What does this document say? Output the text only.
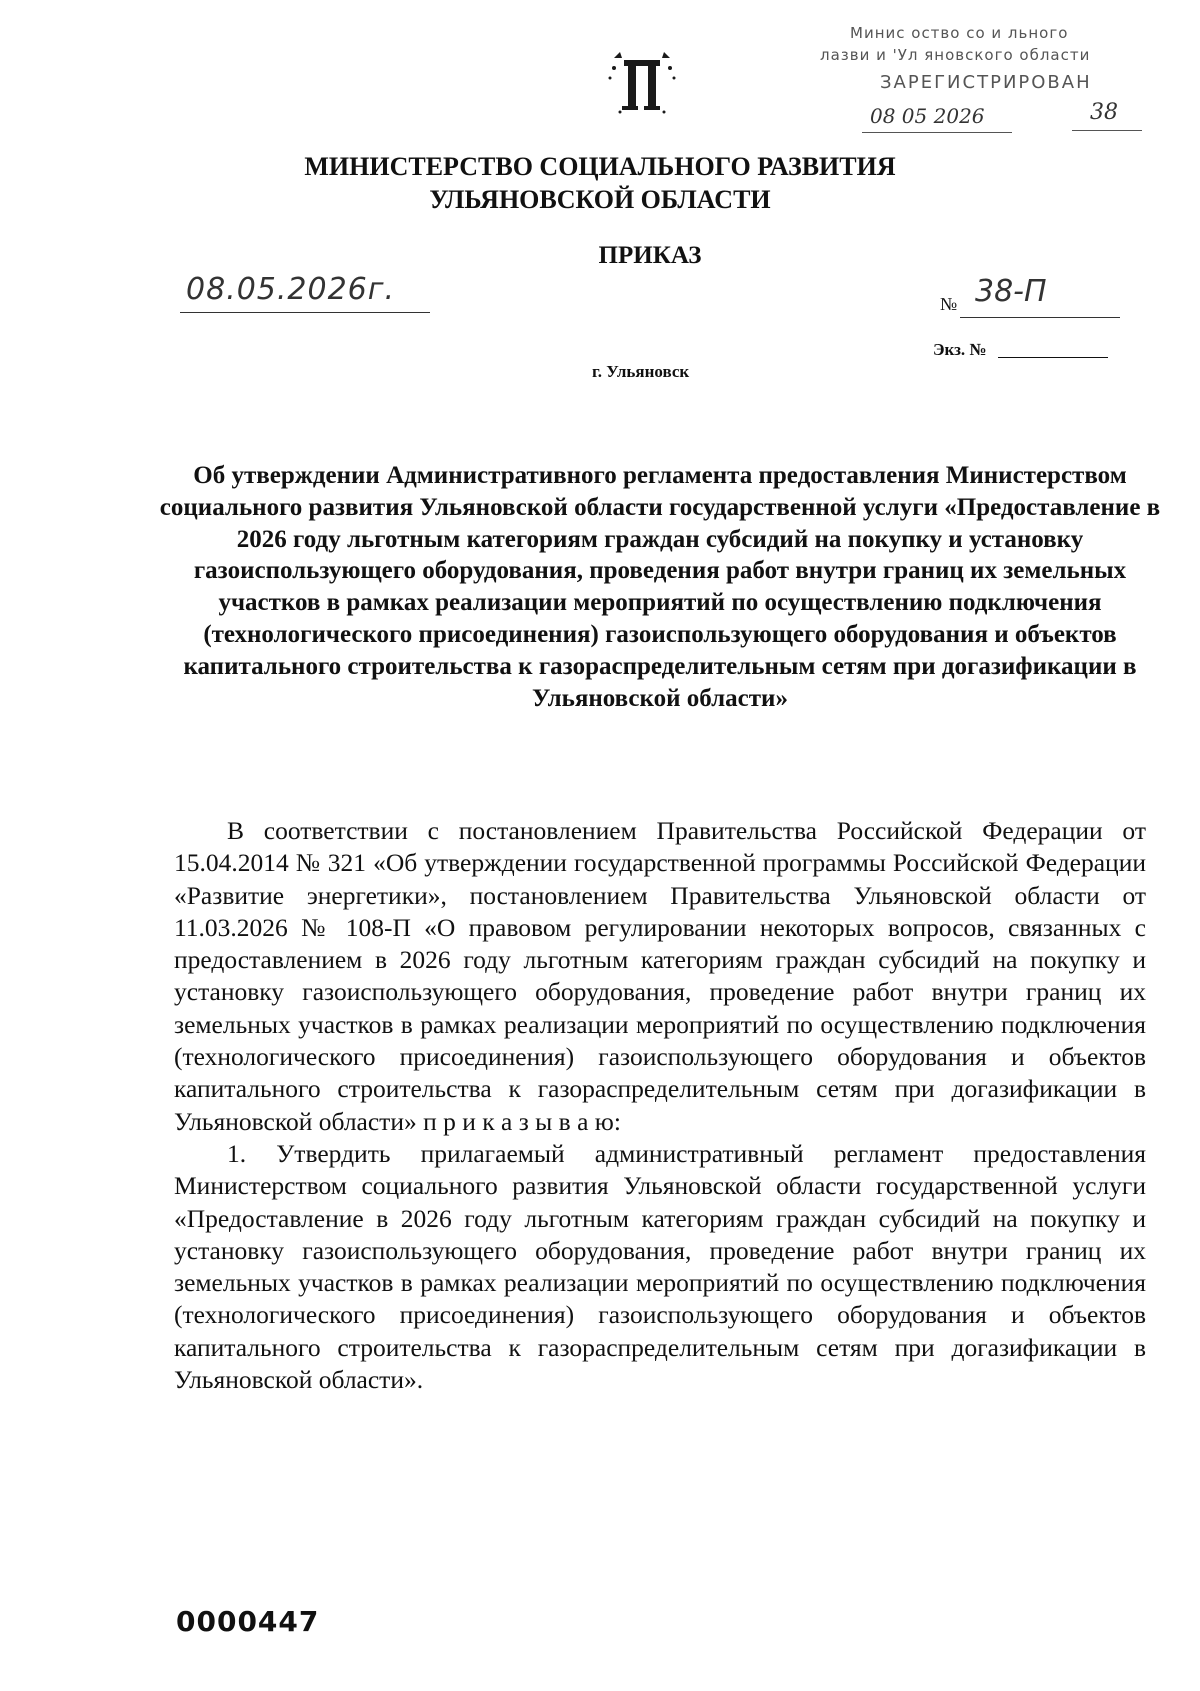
Минис оство со и льного
лазви и 'Ул яновского области
ЗАРЕГИСТРИРОВАН
08 05 2026	38
МИНИСТЕРСТВО СОЦИАЛЬНОГО РАЗВИТИЯ
УЛЬЯНОВСКОЙ ОБЛАСТИ
ПРИКАЗ
08.05.2026г.	№ 38-П
Экз. №
г. Ульяновск
Об утверждении Административного регламента предоставления Министерством социального развития Ульяновской области государственной услуги «Предоставление в 2026 году льготным категориям граждан субсидий на покупку и установку газоиспользующего оборудования, проведения работ внутри границ их земельных участков в рамках реализации мероприятий по осуществлению подключения (технологического присоединения) газоиспользующего оборудования и объектов капитального строительства к газораспределительным сетям при догазификации в Ульяновской области»

В соответствии с постановлением Правительства Российской Федерации от 15.04.2014 № 321 «Об утверждении государственной программы Российской Федерации «Развитие энергетики», постановлением Правительства Ульяновской области от 11.03.2026 № 108-П «О правовом регулировании некоторых вопросов, связанных с предоставлением в 2026 году льготным категориям граждан субсидий на покупку и установку газоиспользующего оборудования, проведение работ внутри границ их земельных участков в рамках реализации мероприятий по осуществлению подключения (технологического присоединения) газоиспользующего оборудования и объектов капитального строительства к газораспределительным сетям при догазификации в Ульяновской области» п р и к а з ы в а ю:

1. Утвердить прилагаемый административный регламент предоставления Министерством социального развития Ульяновской области государственной услуги «Предоставление в 2026 году льготным категориям граждан субсидий на покупку и установку газоиспользующего оборудования, проведение работ внутри границ их земельных участков в рамках реализации мероприятий по осуществлению подключения (технологического присоединения) газоиспользующего оборудования и объектов капитального строительства к газораспределительным сетям при догазификации в Ульяновской области».

0000447
